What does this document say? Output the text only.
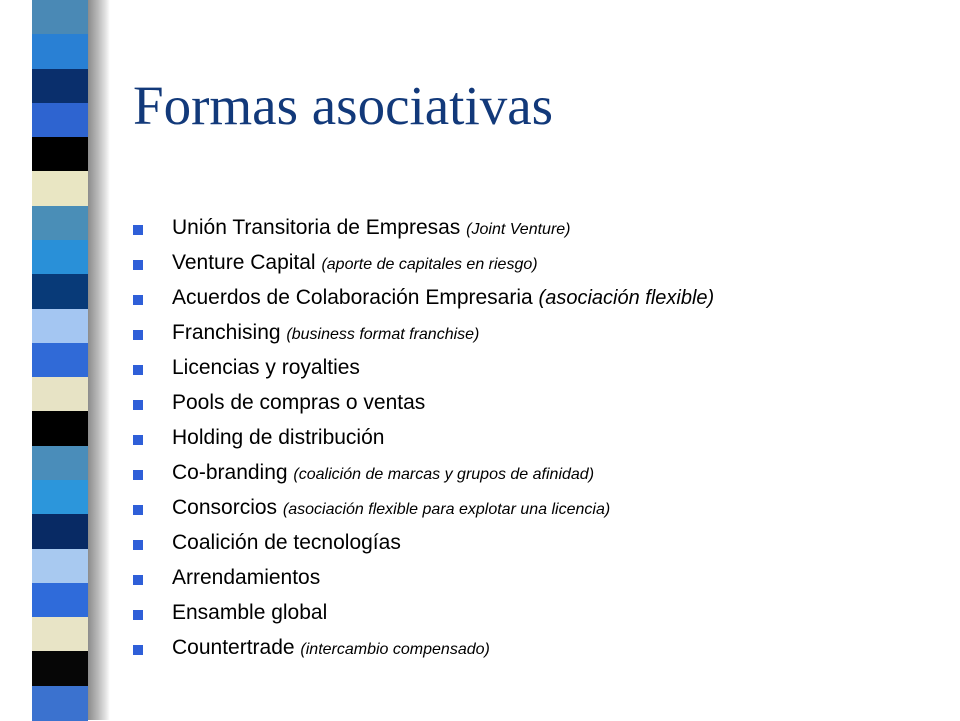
Formas asociativas
Unión Transitoria de Empresas (Joint Venture)
Venture Capital (aporte de capitales en riesgo)
Acuerdos de Colaboración Empresaria (asociación flexible)
Franchising (business format franchise)
Licencias y royalties
Pools de compras o ventas
Holding de distribución
Co-branding (coalición de marcas y grupos de afinidad)
Consorcios (asociación flexible para explotar una licencia)
Coalición de tecnologías
Arrendamientos
Ensamble global
Countertrade (intercambio compensado)
